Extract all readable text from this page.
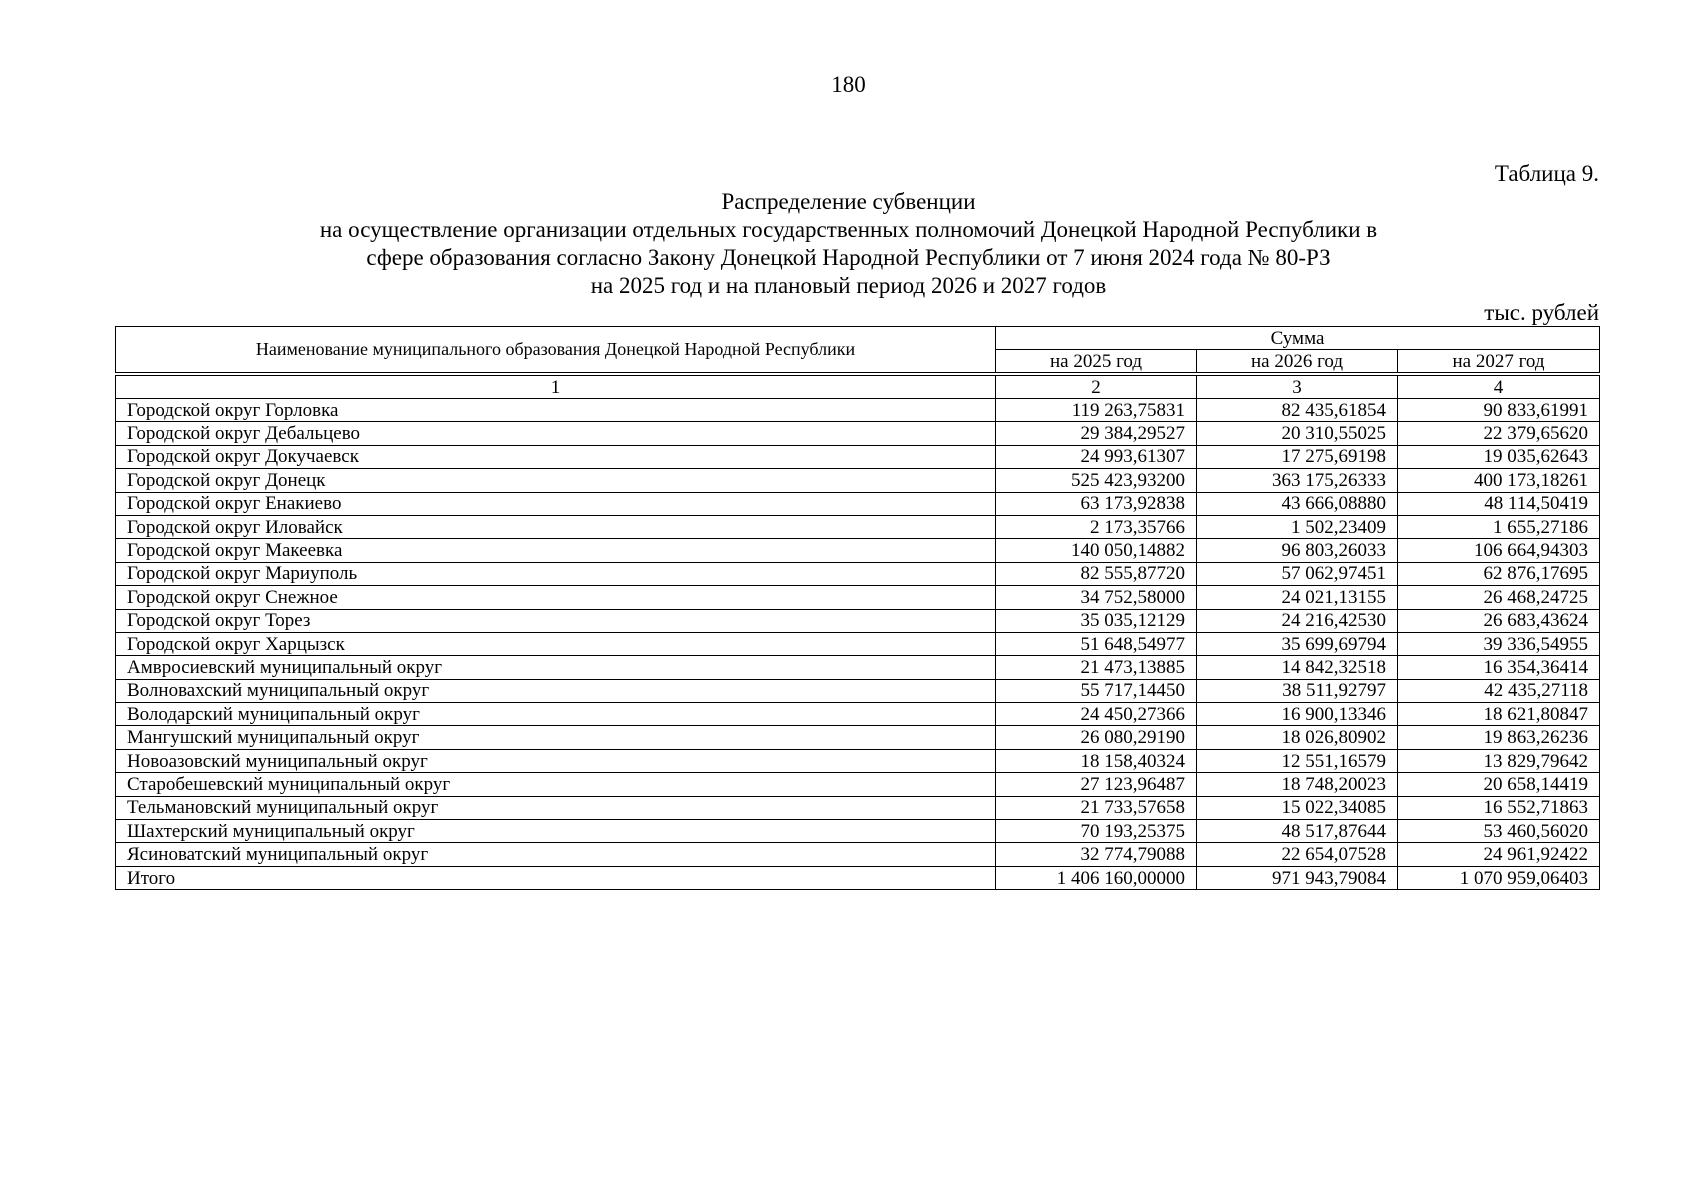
180
Таблица 9.
Распределение субвенции
на осуществление организации отдельных государственных полномочий Донецкой Народной Республики в
сфере образования согласно Закону Донецкой Народной Республики от 7 июня 2024 года № 80-РЗ
на 2025 год и на плановый период 2026 и 2027 годов
тыс. рублей
Наименование муниципального образования Донецкой Народной Республики	Сумма		
	на 2025 год	на 2026 год	на 2027 год

1	2	3	4
Городской округ Горловка	119 263,75831	82 435,61854	90 833,61991
Городской округ Дебальцево	29 384,29527	20 310,55025	22 379,65620
Городской округ Докучаевск	24 993,61307	17 275,69198	19 035,62643
Городской округ Донецк	525 423,93200	363 175,26333	400 173,18261
Городской округ Енакиево	63 173,92838	43 666,08880	48 114,50419
Городской округ Иловайск	2 173,35766	1 502,23409	1 655,27186
Городской округ Макеевка	140 050,14882	96 803,26033	106 664,94303
Городской округ Мариуполь	82 555,87720	57 062,97451	62 876,17695
Городской округ Снежное	34 752,58000	24 021,13155	26 468,24725
Городской округ Торез	35 035,12129	24 216,42530	26 683,43624
Городской округ Харцызск	51 648,54977	35 699,69794	39 336,54955
Амвросиевский муниципальный округ	21 473,13885	14 842,32518	16 354,36414
Волновахский муниципальный округ	55 717,14450	38 511,92797	42 435,27118
Володарский муниципальный округ	24 450,27366	16 900,13346	18 621,80847
Мангушский муниципальный округ	26 080,29190	18 026,80902	19 863,26236
Новоазовский муниципальный округ	18 158,40324	12 551,16579	13 829,79642
Старобешевский муниципальный округ	27 123,96487	18 748,20023	20 658,14419
Тельмановский муниципальный округ	21 733,57658	15 022,34085	16 552,71863
Шахтерский муниципальный округ	70 193,25375	48 517,87644	53 460,56020
Ясиноватский муниципальный округ	32 774,79088	22 654,07528	24 961,92422
Итого	1 406 160,00000	971 943,79084	1 070 959,06403
